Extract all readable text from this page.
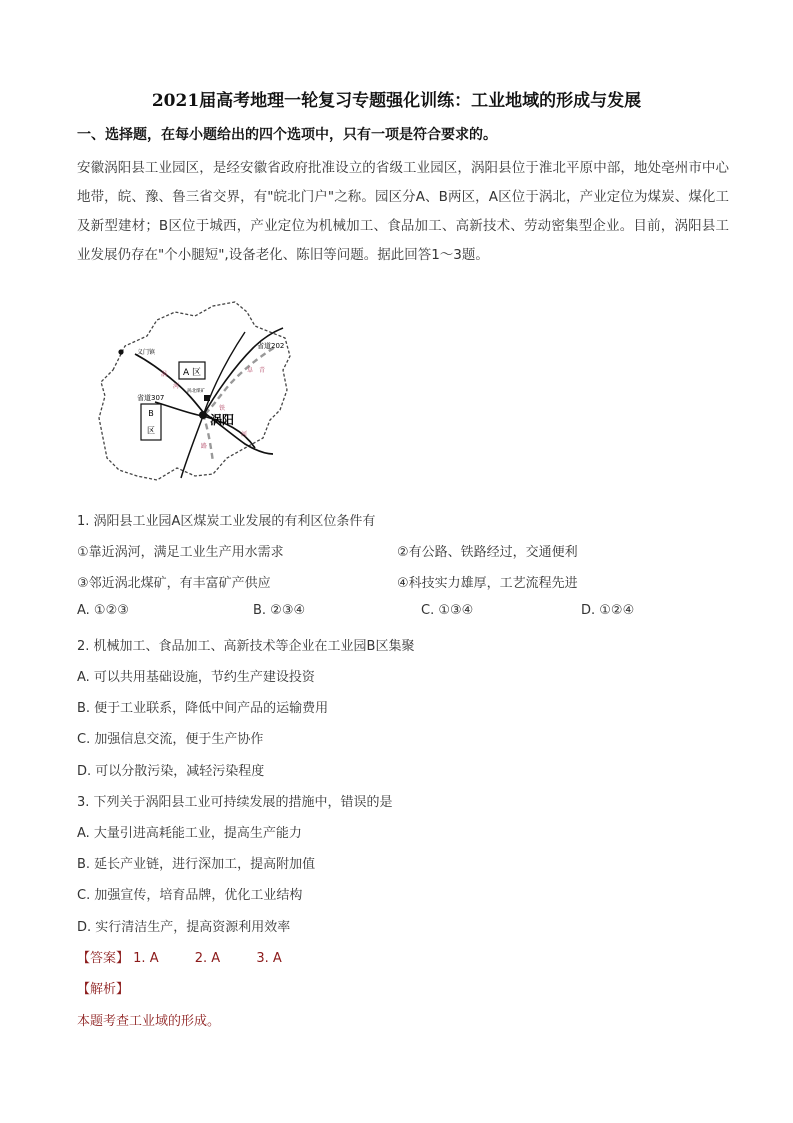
2021届高考地理一轮复习专题强化训练：工业地域的形成与发展
一、选择题，在每小题给出的四个选项中，只有一项是符合要求的。
安徽涡阳县工业园区，是经安徽省政府批准设立的省级工业园区，涡阳县位于淮北平原中部，地处亳州市中心地带，皖、豫、鲁三省交界，有"皖北门户"之称。园区分A、B两区，A区位于涡北，产业定位为煤炭、煤化工及新型建材；B区位于城西，产业定位为机械加工、食品加工、高新技术、劳动密集型企业。目前，涡阳县工业发展仍存在"个小腿短",设备老化、陈旧等问题。据此回答1～3题。
A 区
B
区
义门镇
涡北煤矿
涡阳
省道202
省道307
涡
河
铁
路
阜 青
河
1. 涡阳县工业园A区煤炭工业发展的有利区位条件有
①靠近涡河，满足工业生产用水需求	②有公路、铁路经过，交通便利
③邻近涡北煤矿，有丰富矿产供应	④科技实力雄厚，工艺流程先进
A. ①②③	B. ②③④	C. ①③④	D. ①②④
2. 机械加工、食品加工、高新技术等企业在工业园B区集聚
A. 可以共用基础设施，节约生产建设投资
B. 便于工业联系，降低中间产品的运输费用
C. 加强信息交流，便于生产协作
D. 可以分散污染，减轻污染程度
3. 下列关于涡阳县工业可持续发展的措施中，错误的是
A. 大量引进高耗能工业，提高生产能力
B. 延长产业链，进行深加工，提高附加值
C. 加强宣传，培育品牌，优化工业结构
D. 实行清洁生产，提高资源利用效率
【答案】 1. A	2. A	3. A
【解析】
本题考查工业域的形成。
